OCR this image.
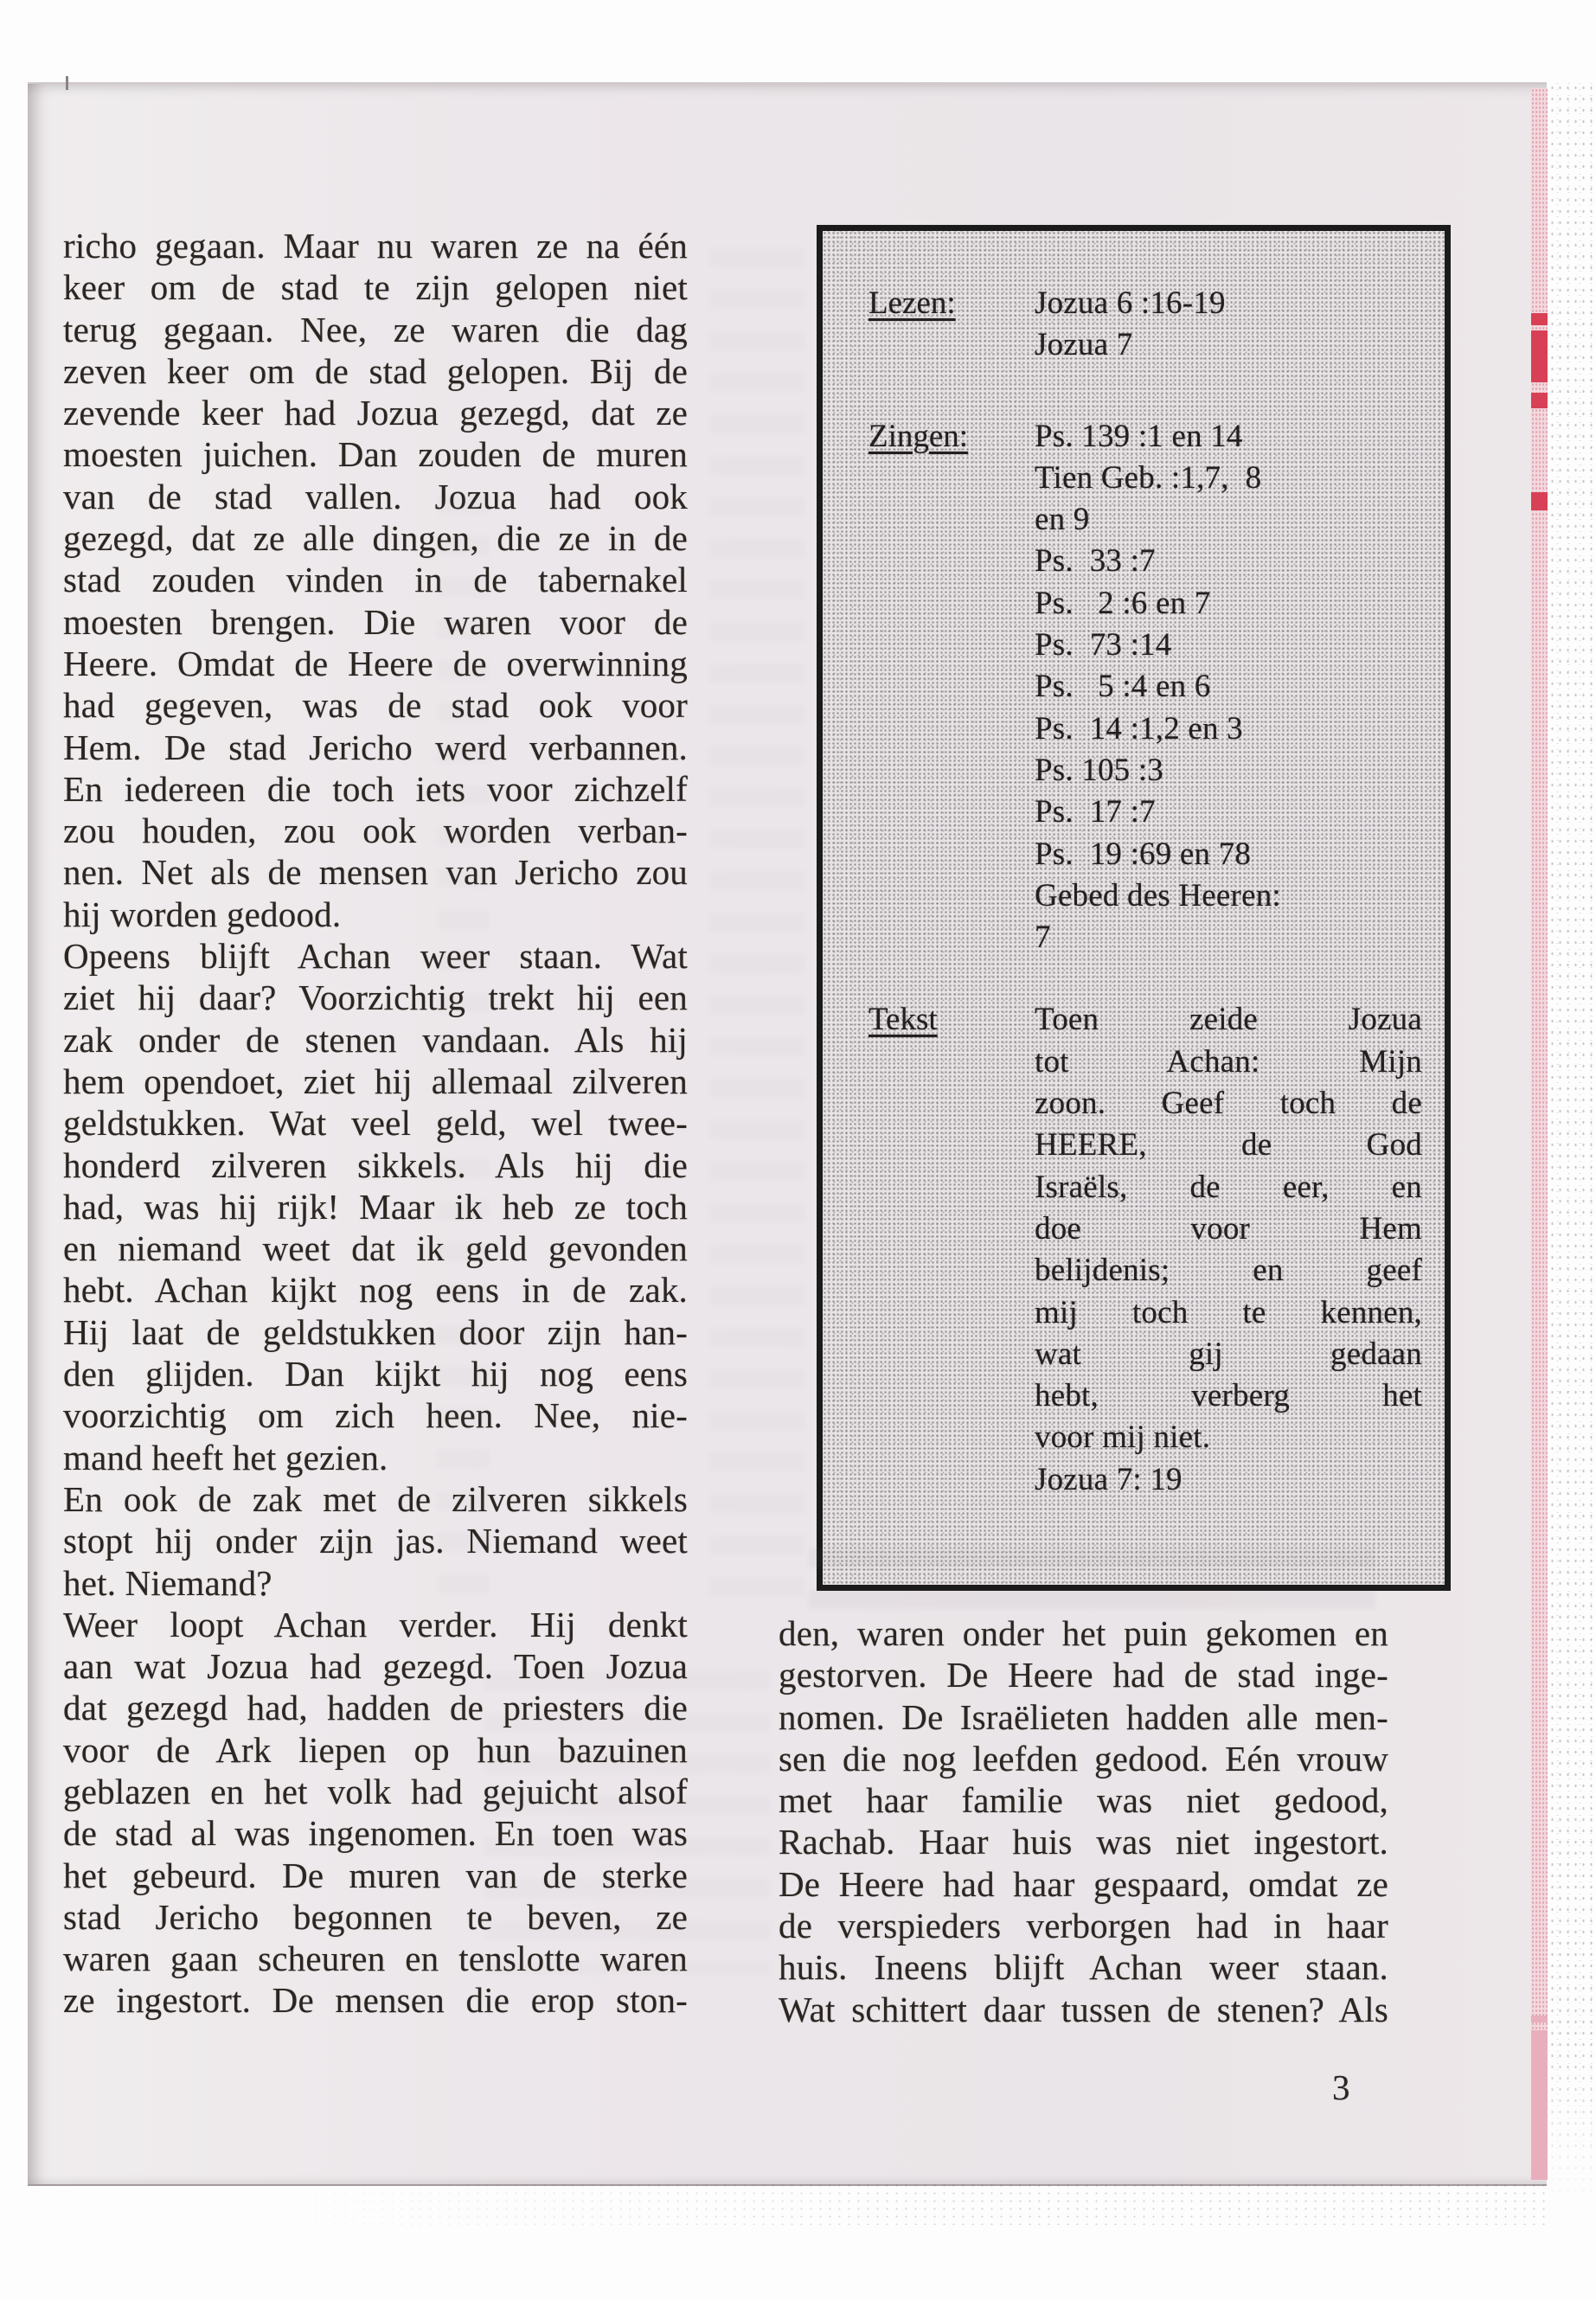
richo gegaan. Maar nu waren ze na één
keer om de stad te zijn gelopen niet
terug gegaan. Nee, ze waren die dag
zeven keer om de stad gelopen. Bij de
zevende keer had Jozua gezegd, dat ze
moesten juichen. Dan zouden de muren
van de stad vallen. Jozua had ook
gezegd, dat ze alle dingen, die ze in de
stad zouden vinden in de tabernakel
moesten brengen. Die waren voor de
Heere. Omdat de Heere de overwinning
had gegeven, was de stad ook voor
Hem. De stad Jericho werd verbannen.
En iedereen die toch iets voor zichzelf
zou houden, zou ook worden verban-
nen. Net als de mensen van Jericho zou
hij worden gedood.
Opeens blijft Achan weer staan. Wat
ziet hij daar? Voorzichtig trekt hij een
zak onder de stenen vandaan. Als hij
hem opendoet, ziet hij allemaal zilveren
geldstukken. Wat veel geld, wel twee-
honderd zilveren sikkels. Als hij die
had, was hij rijk! Maar ik heb ze toch
en niemand weet dat ik geld gevonden
hebt. Achan kijkt nog eens in de zak.
Hij laat de geldstukken door zijn han-
den glijden. Dan kijkt hij nog eens
voorzichtig om zich heen. Nee, nie-
mand heeft het gezien.
En ook de zak met de zilveren sikkels
stopt hij onder zijn jas. Niemand weet
het. Niemand?
Weer loopt Achan verder. Hij denkt
aan wat Jozua had gezegd. Toen Jozua
dat gezegd had, hadden de priesters die
voor de Ark liepen op hun bazuinen
geblazen en het volk had gejuicht alsof
de stad al was ingenomen. En toen was
het gebeurd. De muren van de sterke
stad Jericho begonnen te beven, ze
waren gaan scheuren en tenslotte waren
ze ingestort. De mensen die erop ston-
Lezen:	Jozua 6 :16-19
Jozua 7
Zingen:	Ps. 139 :1 en 14
Tien Geb. :1,7,  8
en 9
Ps.  33 :7
Ps.   2 :6 en 7
Ps.  73 :14
Ps.   5 :4 en 6
Ps.  14 :1,2 en 3
Ps. 105 :3
Ps.  17 :7
Ps.  19 :69 en 78
Gebed des Heeren:
7
Tekst	Toen zeide Jozua
tot Achan: Mijn
zoon. Geef toch de
HEERE, de God
Israëls, de eer, en
doe voor Hem
belijdenis; en geef
mij toch te kennen,
wat gij gedaan
hebt, verberg het
voor mij niet.
Jozua 7: 19
den, waren onder het puin gekomen en
gestorven. De Heere had de stad inge-
nomen. De Israëlieten hadden alle men-
sen die nog leefden gedood. Eén vrouw
met haar familie was niet gedood,
Rachab. Haar huis was niet ingestort.
De Heere had haar gespaard, omdat ze
de verspieders verborgen had in haar
huis. Ineens blijft Achan weer staan.
Wat schittert daar tussen de stenen? Als
3
